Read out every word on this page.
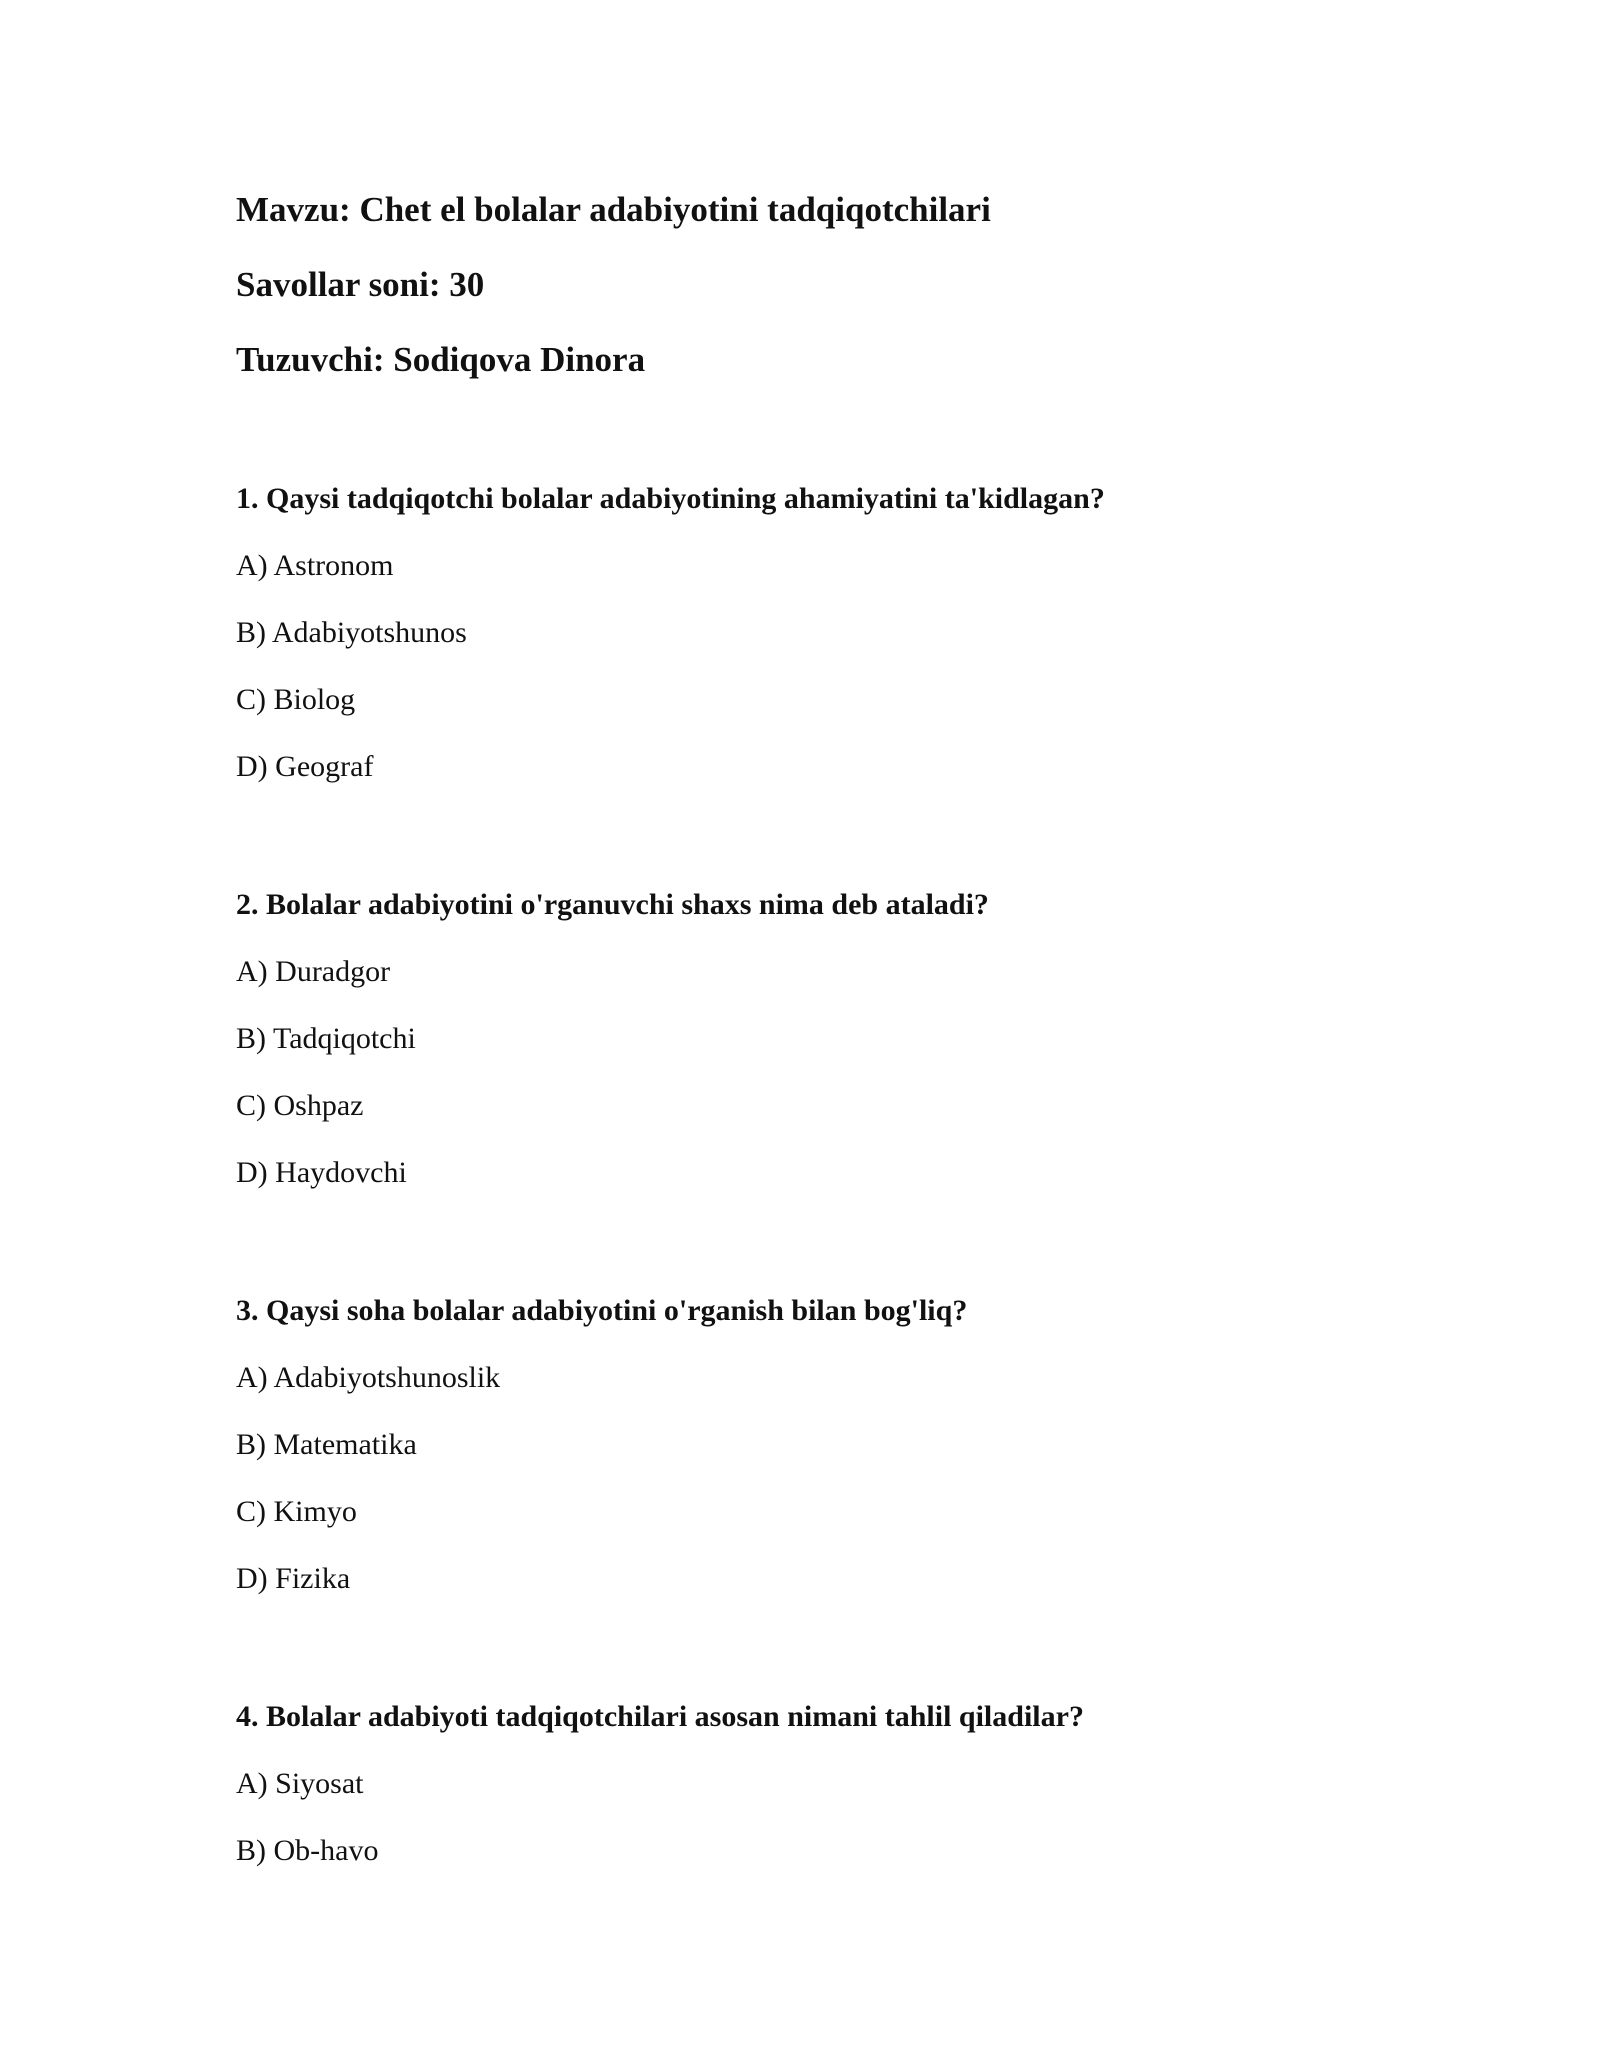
Mavzu: Chet el bolalar adabiyotini tadqiqotchilari
Savollar soni: 30
Tuzuvchi: Sodiqova Dinora
1. Qaysi tadqiqotchi bolalar adabiyotining ahamiyatini ta'kidlagan?
A) Astronom
B) Adabiyotshunos
C) Biolog
D) Geograf
2. Bolalar adabiyotini o'rganuvchi shaxs nima deb ataladi?
A) Duradgor
B) Tadqiqotchi
C) Oshpaz
D) Haydovchi
3. Qaysi soha bolalar adabiyotini o'rganish bilan bog'liq?
A) Adabiyotshunoslik
B) Matematika
C) Kimyo
D) Fizika
4. Bolalar adabiyoti tadqiqotchilari asosan nimani tahlil qiladilar?
A) Siyosat
B) Ob-havo
